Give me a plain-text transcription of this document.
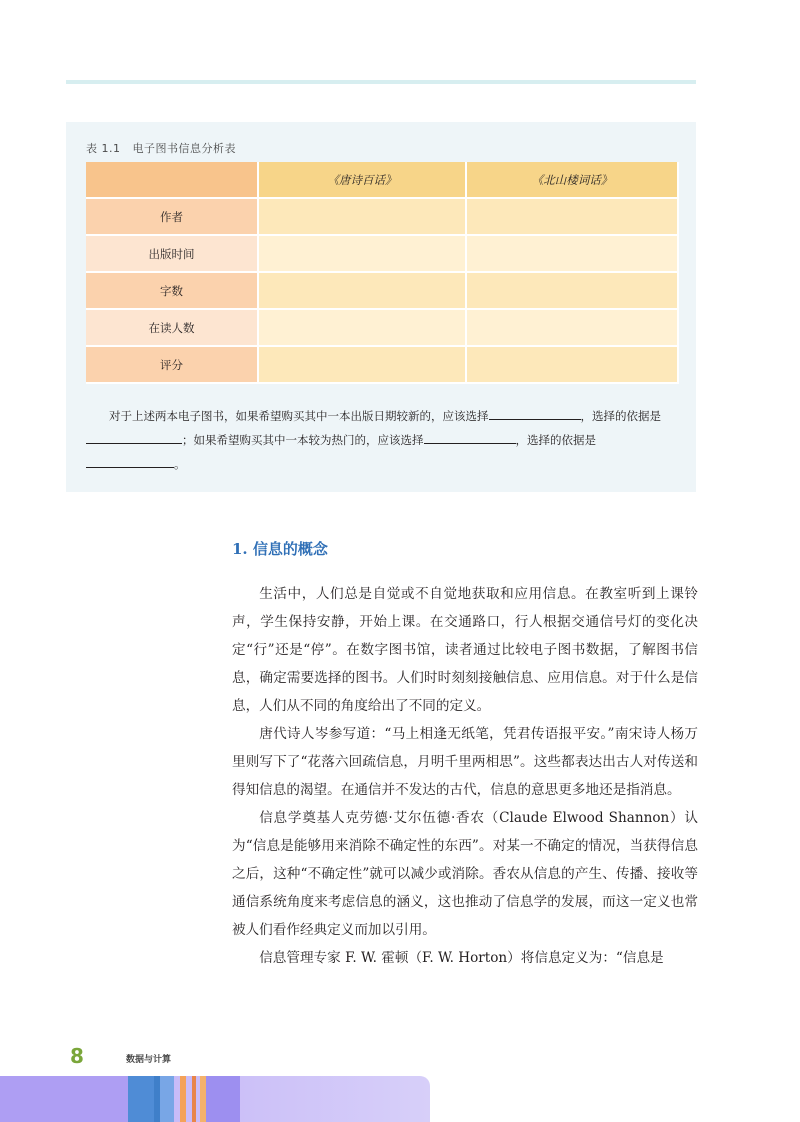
表 1.1 电子图书信息分析表
	《唐诗百话》	《北山楼词话》
作者		
出版时间		
字数		
在读人数		
评分		
对于上述两本电子图书，如果希望购买其中一本出版日期较新的，应该选择	，选择的依据是；如果希望购买其中一本较为热门的，应该选择	，选择的依据是
。
1. 信息的概念

生活中，人们总是自觉或不自觉地获取和应用信息。在教室听到上课铃声，学生保持安静，开始上课。在交通路口，行人根据交通信号灯的变化决定“行”还是“停”。在数字图书馆，读者通过比较电子图书数据，了解图书信息，确定需要选择的图书。人们时时刻刻接触信息、应用信息。对于什么是信息，人们从不同的角度给出了不同的定义。

唐代诗人岑参写道：“马上相逢无纸笔，凭君传语报平安。”南宋诗人杨万里则写下了“花落六回疏信息，月明千里两相思”。这些都表达出古人对传送和得知信息的渴望。在通信并不发达的古代，信息的意思更多地还是指消息。

信息学奠基人克劳德·艾尔伍德·香农（Claude Elwood Shannon）认为“信息是能够用来消除不确定性的东西”。对某一不确定的情况，当获得信息之后，这种“不确定性”就可以减少或消除。香农从信息的产生、传播、接收等通信系统角度来考虑信息的涵义，这也推动了信息学的发展，而这一定义也常被人们看作经典定义而加以引用。

信息管理专家 F. W. 霍顿（F. W. Horton）将信息定义为：“信息是

8	数据与计算
